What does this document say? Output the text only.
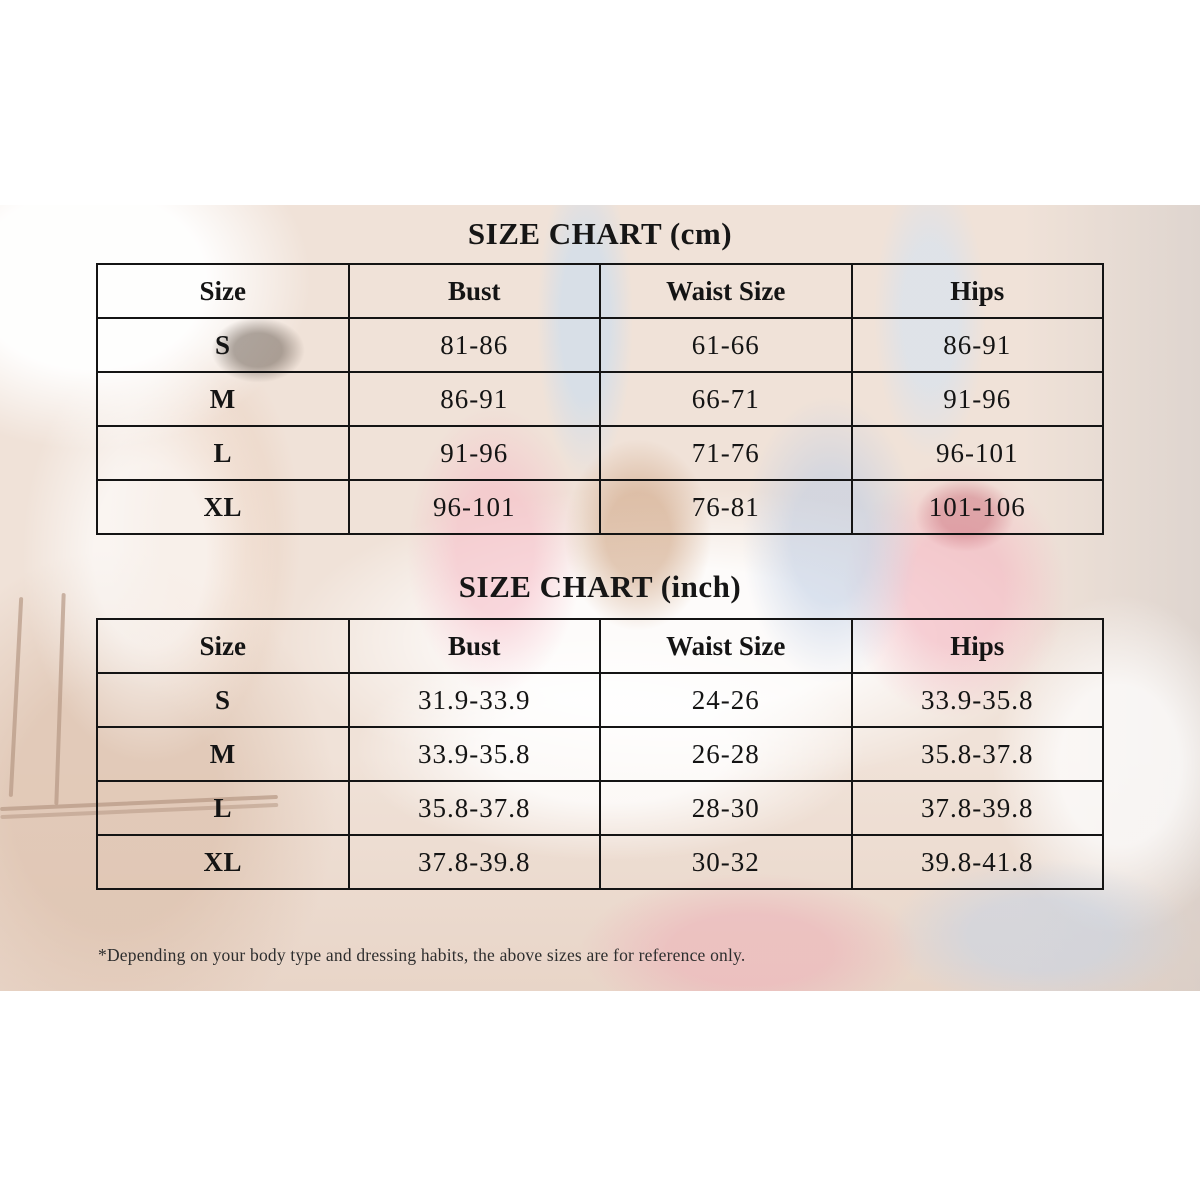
SIZE CHART (cm)
Size	Bust	Waist Size	Hips
S	81-86	61-66	86-91
M	86-91	66-71	91-96
L	91-96	71-76	96-101
XL	96-101	76-81	101-106
SIZE CHART (inch)
Size	Bust	Waist Size	Hips
S	31.9-33.9	24-26	33.9-35.8
M	33.9-35.8	26-28	35.8-37.8
L	35.8-37.8	28-30	37.8-39.8
XL	37.8-39.8	30-32	39.8-41.8
*Depending on your body type and dressing habits, the above sizes are for reference only.
